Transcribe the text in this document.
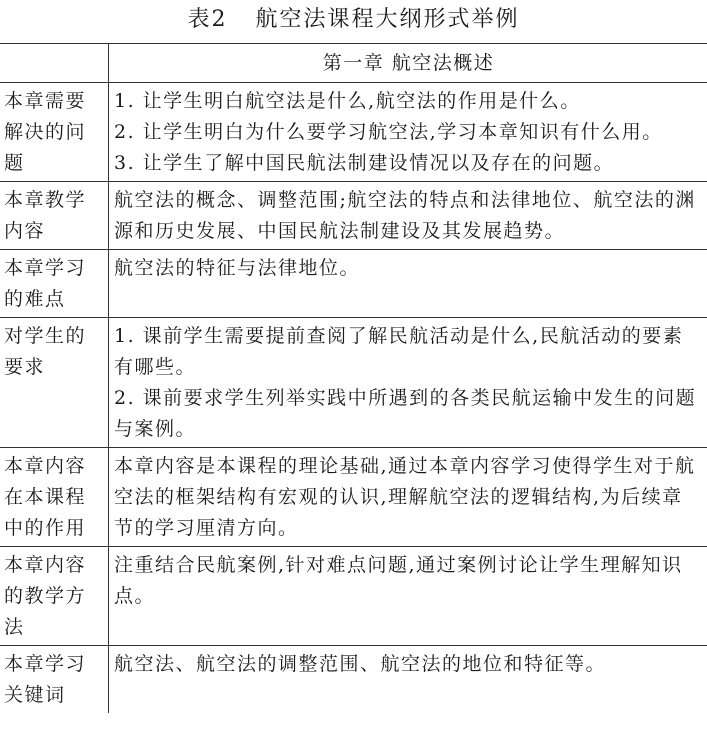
表2 航空法课程大纲形式举例
	第一章 航空法概述
本章需要解决的问题	1. 让学生明白航空法是什么,航空法的作用是什么。
2. 让学生明白为什么要学习航空法,学习本章知识有什么用。
3. 让学生了解中国民航法制建设情况以及存在的问题。

本章教学内容	航空法的概念、调整范围;航空法的特点和法律地位、航空法的渊源和历史发展、中国民航法制建设及其发展趋势。

本章学习的难点	航空法的特征与法律地位。

对学生的要求	1. 课前学生需要提前查阅了解民航活动是什么,民航活动的要素有哪些。
2. 课前要求学生列举实践中所遇到的各类民航运输中发生的问题与案例。

本章内容在本课程中的作用	本章内容是本课程的理论基础,通过本章内容学习使得学生对于航空法的框架结构有宏观的认识,理解航空法的逻辑结构,为后续章节的学习厘清方向。

本章内容的教学方法	注重结合民航案例,针对难点问题,通过案例讨论让学生理解知识点。

本章学习关键词	航空法、航空法的调整范围、航空法的地位和特征等。
